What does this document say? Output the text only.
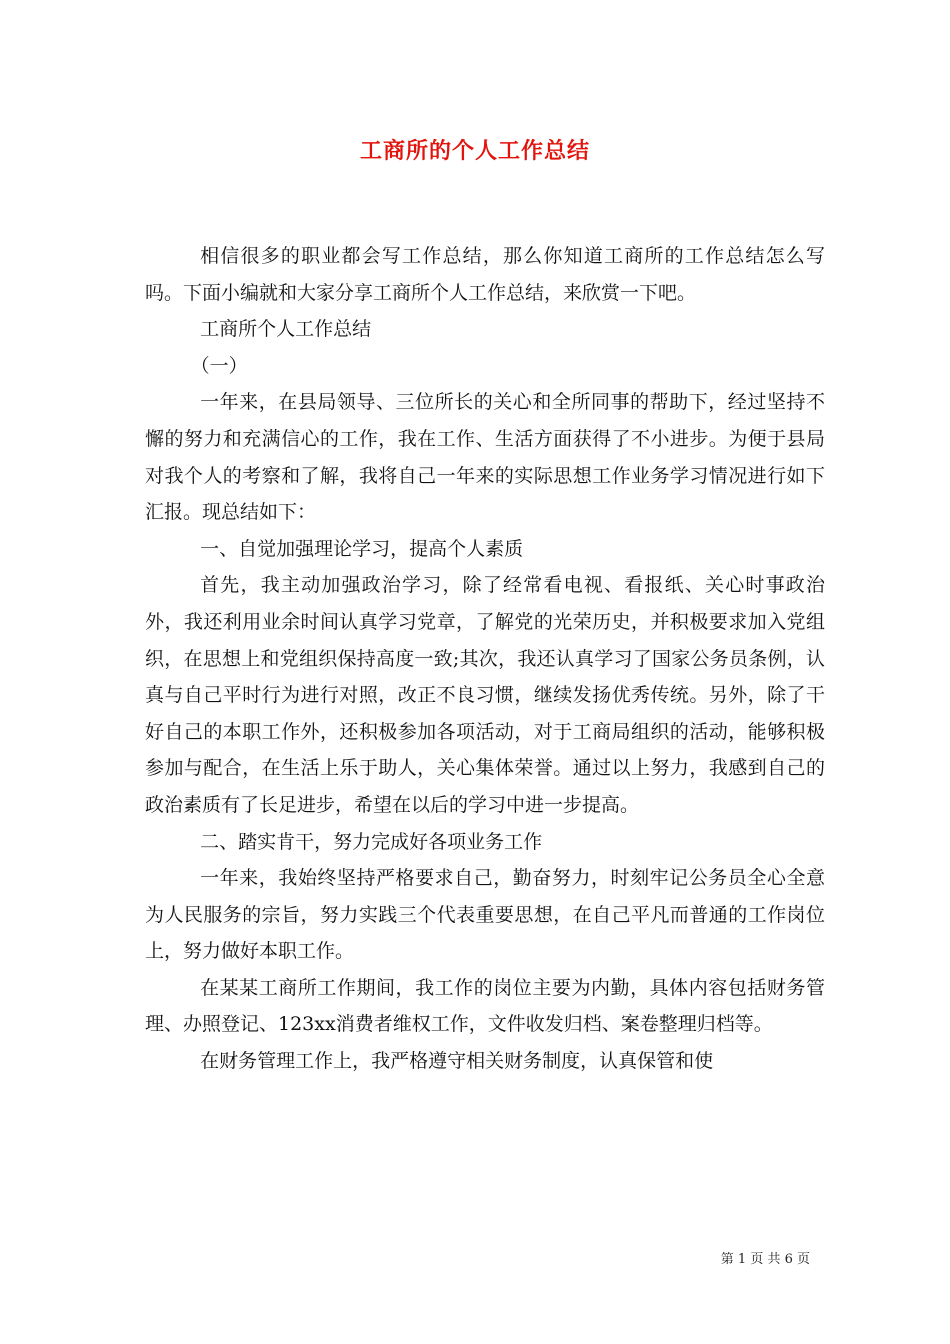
工商所的个人工作总结

相信很多的职业都会写工作总结，那么你知道工商所的工作总结怎么写吗。下面小编就和大家分享工商所个人工作总结，来欣赏一下吧。

工商所个人工作总结

（一）

一年来，在县局领导、三位所长的关心和全所同事的帮助下，经过坚持不懈的努力和充满信心的工作，我在工作、生活方面获得了不小进步。为便于县局对我个人的考察和了解，我将自己一年来的实际思想工作业务学习情况进行如下汇报。现总结如下：

一、自觉加强理论学习，提高个人素质

首先，我主动加强政治学习，除了经常看电视、看报纸、关心时事政治外，我还利用业余时间认真学习党章，了解党的光荣历史，并积极要求加入党组织，在思想上和党组织保持高度一致;其次，我还认真学习了国家公务员条例，认真与自己平时行为进行对照，改正不良习惯，继续发扬优秀传统。另外，除了干好自己的本职工作外，还积极参加各项活动，对于工商局组织的活动，能够积极参加与配合，在生活上乐于助人，关心集体荣誉。通过以上努力，我感到自己的政治素质有了长足进步，希望在以后的学习中进一步提高。

二、踏实肯干，努力完成好各项业务工作

一年来，我始终坚持严格要求自己，勤奋努力，时刻牢记公务员全心全意为人民服务的宗旨，努力实践三个代表重要思想，在自己平凡而普通的工作岗位上，努力做好本职工作。

在某某工商所工作期间，我工作的岗位主要为内勤，具体内容包括财务管理、办照登记、123xx消费者维权工作，文件收发归档、案卷整理归档等。

在财务管理工作上，我严格遵守相关财务制度，认真保管和使

第 1 页 共 6 页
